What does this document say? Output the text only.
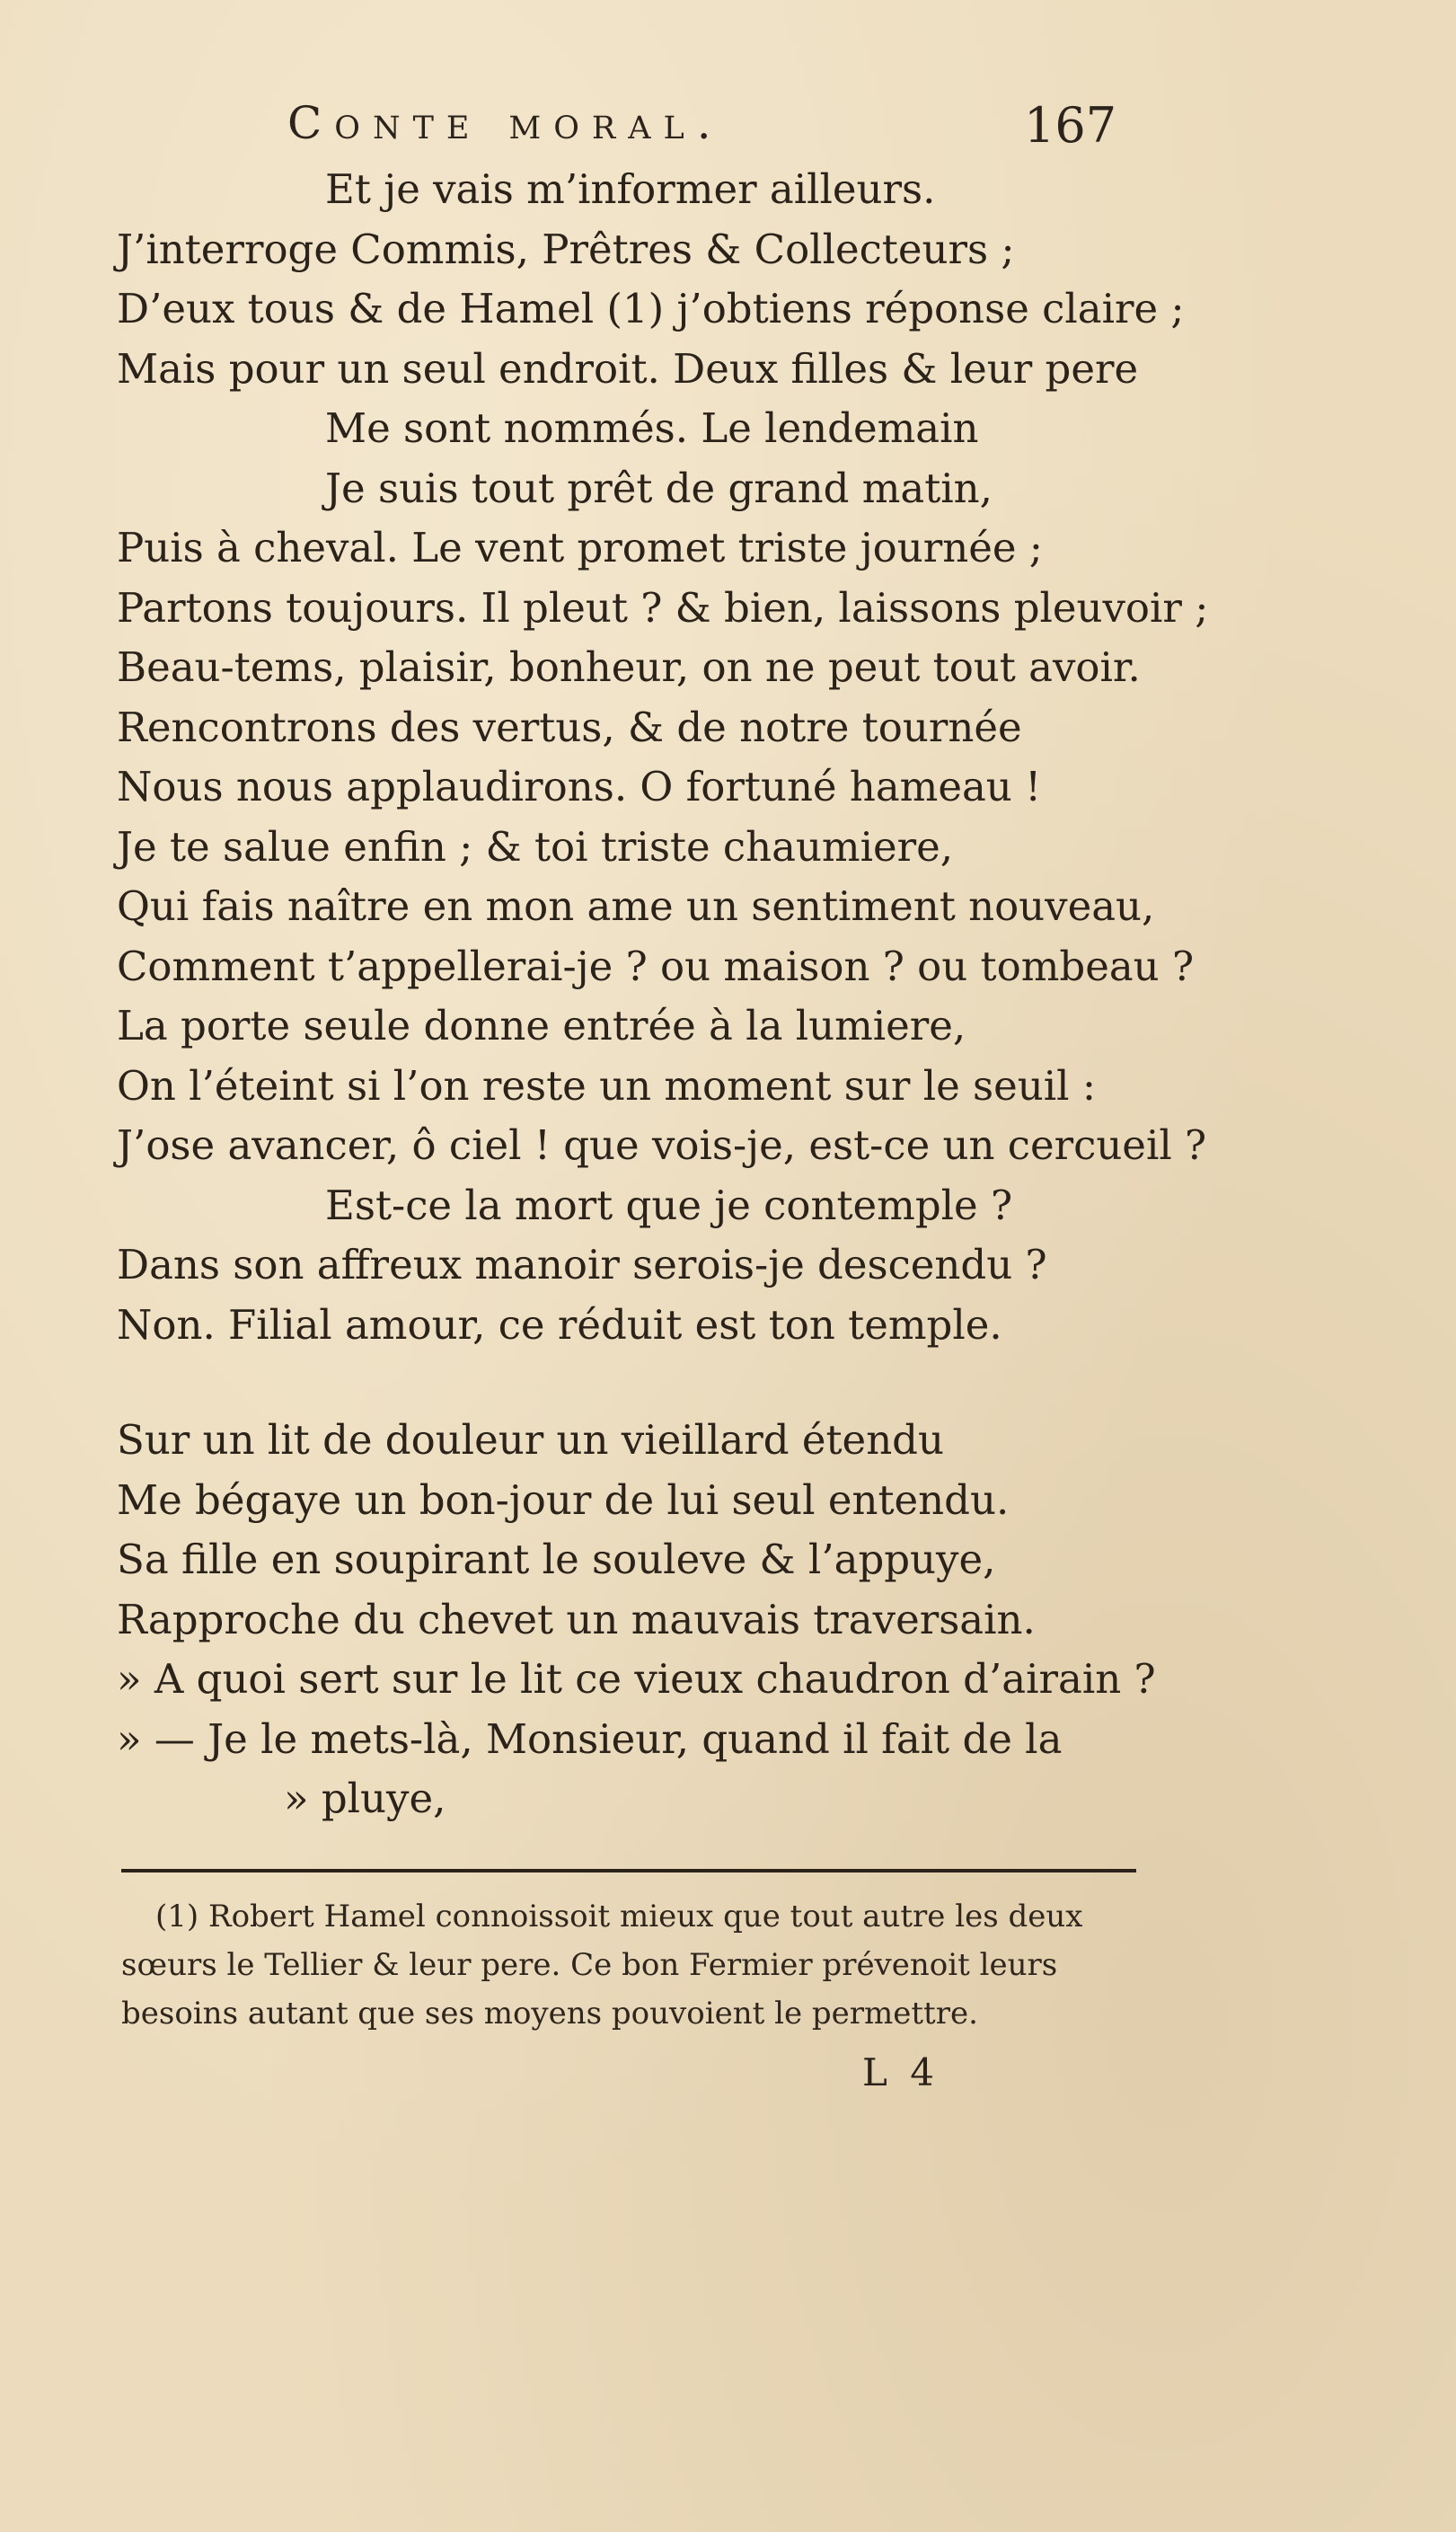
Conte moral.	167
Et je vais m’informer ailleurs.
J’interroge Commis, Prêtres & Collecteurs ;
D’eux tous & de Hamel (1) j’obtiens réponse claire ;
Mais pour un seul endroit. Deux filles & leur pere
Me sont nommés. Le lendemain
Je suis tout prêt de grand matin,
Puis à cheval. Le vent promet triste journée ;
Partons toujours. Il pleut ? & bien, laissons pleuvoir ;
Beau-tems, plaisir, bonheur, on ne peut tout avoir.
Rencontrons des vertus, & de notre tournée
Nous nous applaudirons. O fortuné hameau !
Je te salue enfin ; & toi triste chaumiere,
Qui fais naître en mon ame un sentiment nouveau,
Comment t’appellerai-je ? ou maison ? ou tombeau ?
La porte seule donne entrée à la lumiere,
On l’éteint si l’on reste un moment sur le seuil :
J’ose avancer, ô ciel ! que vois-je, est-ce un cercueil ?
Est-ce la mort que je contemple ?
Dans son affreux manoir serois-je descendu ?
Non. Filial amour, ce réduit est ton temple.
Sur un lit de douleur un vieillard étendu
Me bégaye un bon-jour de lui seul entendu.
Sa fille en soupirant le souleve & l’appuye,
Rapproche du chevet un mauvais traversain.
» A quoi sert sur le lit ce vieux chaudron d’airain ?
» — Je le mets-là, Monsieur, quand il fait de la
» pluye,
(1) Robert Hamel connoissoit mieux que tout autre les deux
sœurs le Tellier & leur pere. Ce bon Fermier prévenoit leurs
besoins autant que ses moyens pouvoient le permettre.
L 4
